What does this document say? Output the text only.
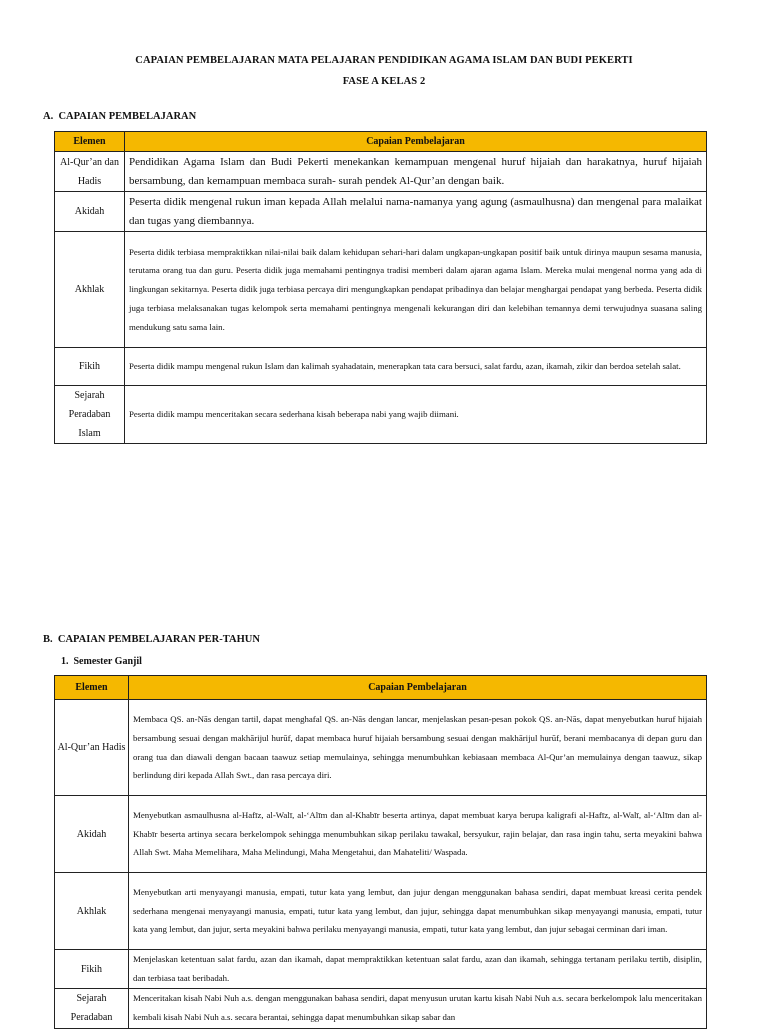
CAPAIAN PEMBELAJARAN MATA PELAJARAN PENDIDIKAN AGAMA ISLAM DAN BUDI PEKERTI
FASE A KELAS 2
A.  CAPAIAN PEMBELAJARAN
Elemen	Capaian Pembelajaran
Al-Qur’an dan Hadis	Pendidikan Agama Islam dan Budi Pekerti menekankan kemampuan mengenal huruf hijaiah dan harakatnya, huruf hijaiah bersambung, dan kemampuan membaca surah- surah pendek Al-Qur’an dengan baik.
Akidah	Peserta didik mengenal rukun iman kepada Allah melalui nama-namanya yang agung (asmaulhusna) dan mengenal para malaikat dan tugas yang diembannya.
Akhlak	Peserta didik terbiasa mempraktikkan nilai-nilai baik dalam kehidupan sehari-hari dalam ungkapan-ungkapan positif baik untuk dirinya maupun sesama manusia, terutama orang tua dan guru. Peserta didik juga memahami pentingnya tradisi memberi dalam ajaran agama Islam. Mereka mulai mengenal norma yang ada di lingkungan sekitarnya. Peserta didik juga terbiasa percaya diri mengungkapkan pendapat pribadinya dan belajar menghargai pendapat yang berbeda. Peserta didik juga terbiasa melaksanakan tugas kelompok serta memahami pentingnya mengenali kekurangan diri dan kelebihan temannya demi terwujudnya suasana saling mendukung satu sama lain.
Fikih	Peserta didik mampu mengenal rukun Islam dan kalimah syahadatain, menerapkan tata cara bersuci, salat fardu, azan, ikamah, zikir dan berdoa setelah salat.
Sejarah Peradaban Islam	Peserta didik mampu menceritakan secara sederhana kisah beberapa nabi yang wajib diimani.
B.  CAPAIAN PEMBELAJARAN PER-TAHUN
1.  Semester Ganjil
Elemen	Capaian Pembelajaran
Al-Qur’an Hadis	Membaca QS. an-Nās dengan tartil, dapat menghafal QS. an-Nās dengan lancar, menjelaskan pesan-pesan pokok QS. an-Nās, dapat menyebutkan huruf hijaiah bersambung sesuai dengan makhārijul hurūf, dapat membaca huruf hijaiah bersambung sesuai dengan makhārijul hurūf, berani membacanya di depan guru dan orang tua dan diawali dengan bacaan taawuz setiap memulainya, sehingga menumbuhkan kebiasaan membaca Al-Qur’an memulainya dengan taawuz, sikap berlindung diri kepada Allah Swt., dan rasa percaya diri.
Akidah	Menyebutkan asmaulhusna al-Hafīz, al-Walī, al-‘Alīm dan al-Khabīr beserta artinya, dapat membuat karya berupa kaligrafi al-Hafīz, al-Walī, al-‘Alīm dan al-Khabīr beserta artinya secara berkelompok sehingga menumbuhkan sikap perilaku tawakal, bersyukur, rajin belajar, dan rasa ingin tahu, serta meyakini bahwa Allah Swt. Maha Memelihara, Maha Melindungi, Maha Mengetahui, dan Mahateliti/ Waspada.
Akhlak	Menyebutkan arti menyayangi manusia, empati, tutur kata yang lembut, dan jujur dengan menggunakan bahasa sendiri, dapat membuat kreasi cerita pendek sederhana mengenai menyayangi manusia, empati, tutur kata yang lembut, dan jujur, sehingga dapat menumbuhkan sikap menyayangi manusia, empati, tutur kata yang lembut, dan jujur, serta meyakini bahwa perilaku menyayangi manusia, empati, tutur kata yang lembut, dan jujur sebagai cerminan dari iman.
Fikih	Menjelaskan ketentuan salat fardu, azan dan ikamah, dapat mempraktikkan ketentuan salat fardu, azan dan ikamah, sehingga tertanam perilaku tertib, disiplin, dan terbiasa taat beribadah.
Sejarah Peradaban	Menceritakan kisah Nabi Nuh a.s. dengan menggunakan bahasa sendiri, dapat menyusun urutan kartu kisah Nabi Nuh a.s. secara berkelompok lalu menceritakan kembali kisah Nabi Nuh a.s. secara berantai, sehingga dapat menumbuhkan sikap sabar dan
